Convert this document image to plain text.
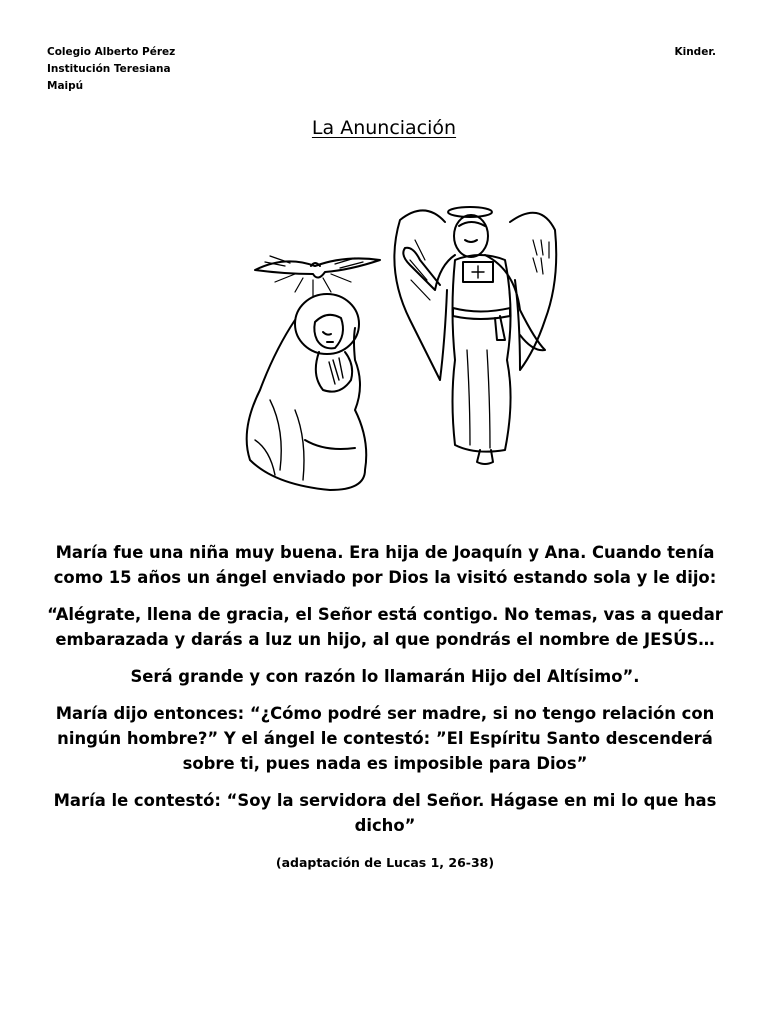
Colegio Alberto Pérez
Institución Teresiana
Maipú
Kinder.
La Anunciación

María fue una niña muy buena. Era hija de Joaquín y Ana. Cuando tenía como 15 años un ángel enviado por Dios la visitó estando sola y le dijo:

“Alégrate, llena de gracia, el Señor está contigo. No temas, vas a quedar embarazada y darás a luz un hijo, al que pondrás el nombre de JESÚS…

Será grande y con razón lo llamarán Hijo del Altísimo”.

María dijo entonces: “¿Cómo podré ser madre, si no tengo relación con ningún hombre?” Y el ángel le contestó: ”El Espíritu Santo descenderá sobre ti, pues nada es imposible para Dios”

María le contestó: “Soy la servidora del Señor. Hágase en mi lo que has dicho”

(adaptación de Lucas 1, 26-38)
